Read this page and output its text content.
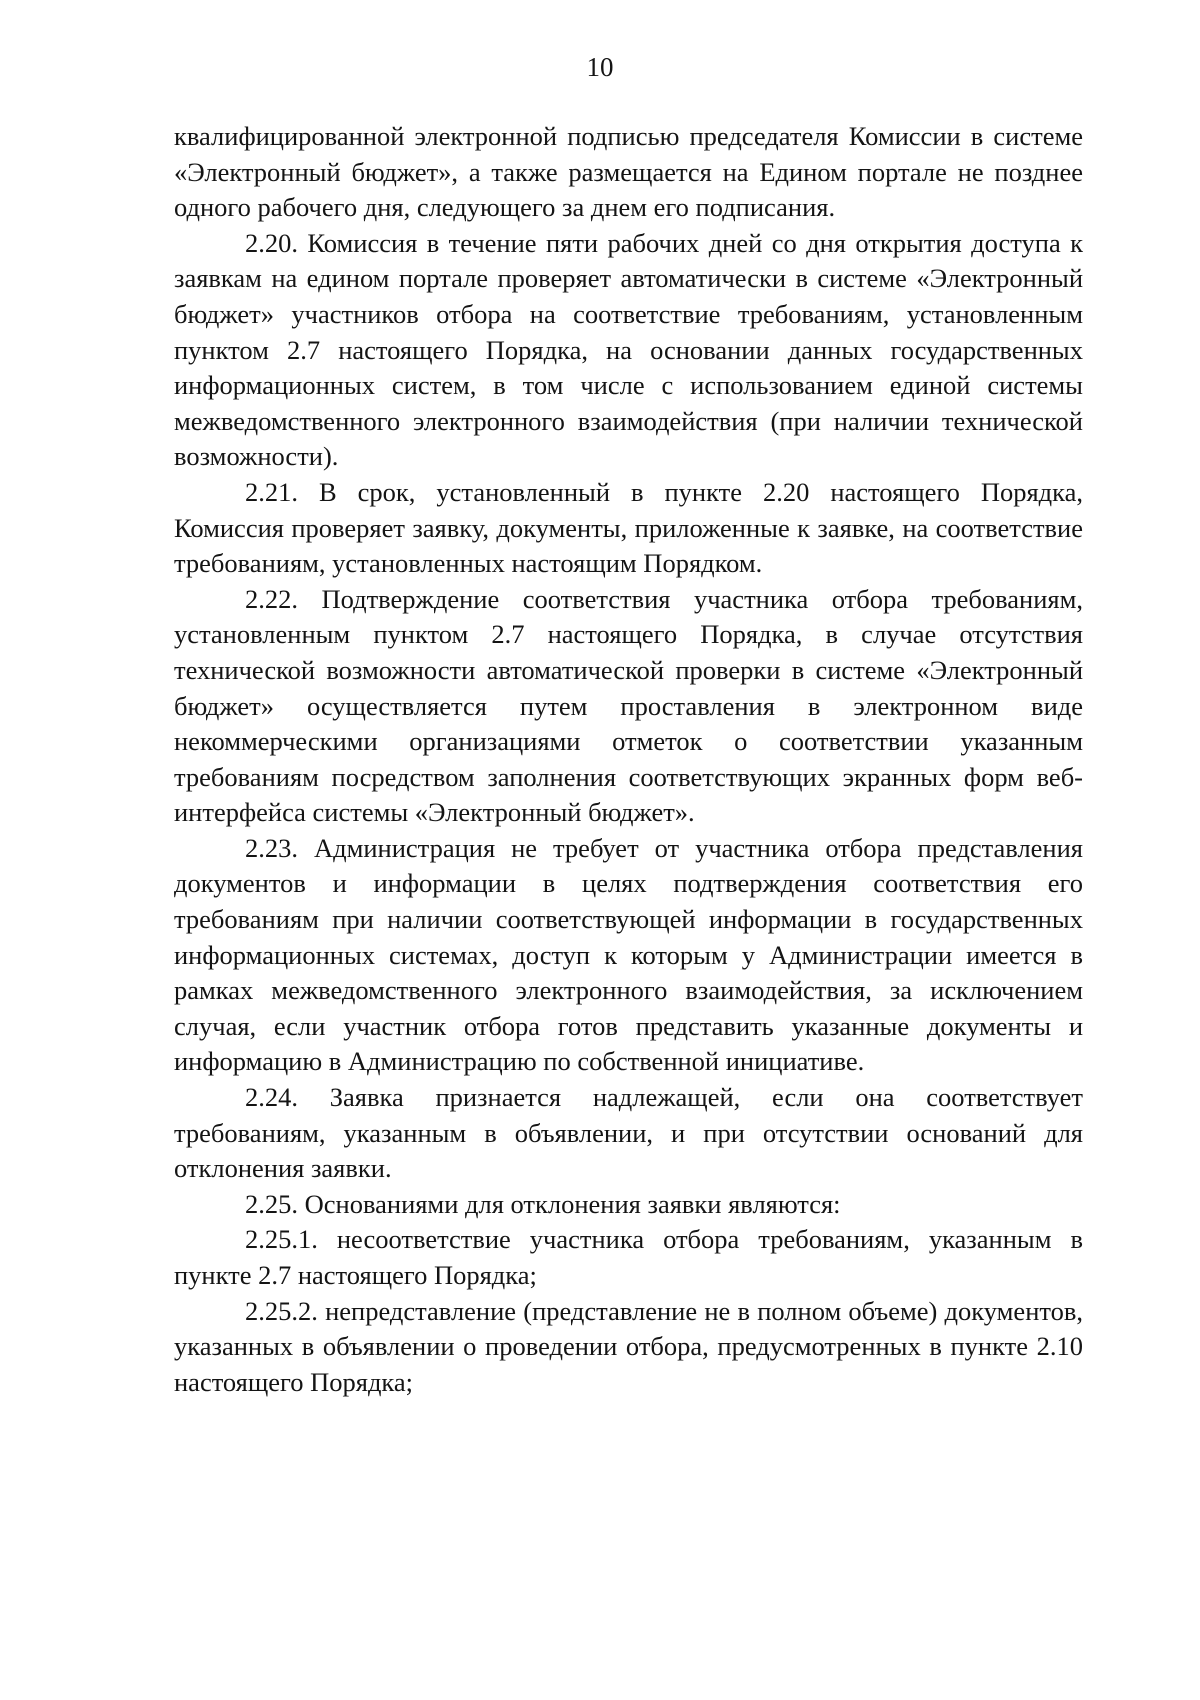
10

квалифицированной электронной подписью председателя Комиссии в системе «Электронный бюджет», а также размещается на Едином портале не позднее одного рабочего дня, следующего за днем его подписания.

2.20. Комиссия в течение пяти рабочих дней со дня открытия доступа к заявкам на едином портале проверяет автоматически в системе «Электронный бюджет» участников отбора на соответствие требованиям, установленным пунктом 2.7 настоящего Порядка, на основании данных государственных информационных систем, в том числе с использованием единой системы межведомственного электронного взаимодействия (при наличии технической возможности).

2.21. В срок, установленный в пункте 2.20 настоящего Порядка, Комиссия проверяет заявку, документы, приложенные к заявке, на соответствие требованиям, установленных настоящим Порядком.

2.22. Подтверждение соответствия участника отбора требованиям, установленным пунктом 2.7 настоящего Порядка, в случае отсутствия технической возможности автоматической проверки в системе «Электронный бюджет» осуществляется путем проставления в электронном виде некоммерческими организациями отметок о соответствии указанным требованиям посредством заполнения соответствующих экранных форм веб-интерфейса системы «Электронный бюджет».

2.23. Администрация не требует от участника отбора представления документов и информации в целях подтверждения соответствия его требованиям при наличии соответствующей информации в государственных информационных системах, доступ к которым у Администрации имеется в рамках межведомственного электронного взаимодействия, за исключением случая, если участник отбора готов представить указанные документы и информацию в Администрацию по собственной инициативе.

2.24. Заявка признается надлежащей, если она соответствует требованиям, указанным в объявлении, и при отсутствии оснований для отклонения заявки.

2.25. Основаниями для отклонения заявки являются:

2.25.1. несоответствие участника отбора требованиям, указанным в пункте 2.7 настоящего Порядка;

2.25.2. непредставление (представление не в полном объеме) документов, указанных в объявлении о проведении отбора, предусмотренных в пункте 2.10 настоящего Порядка;
